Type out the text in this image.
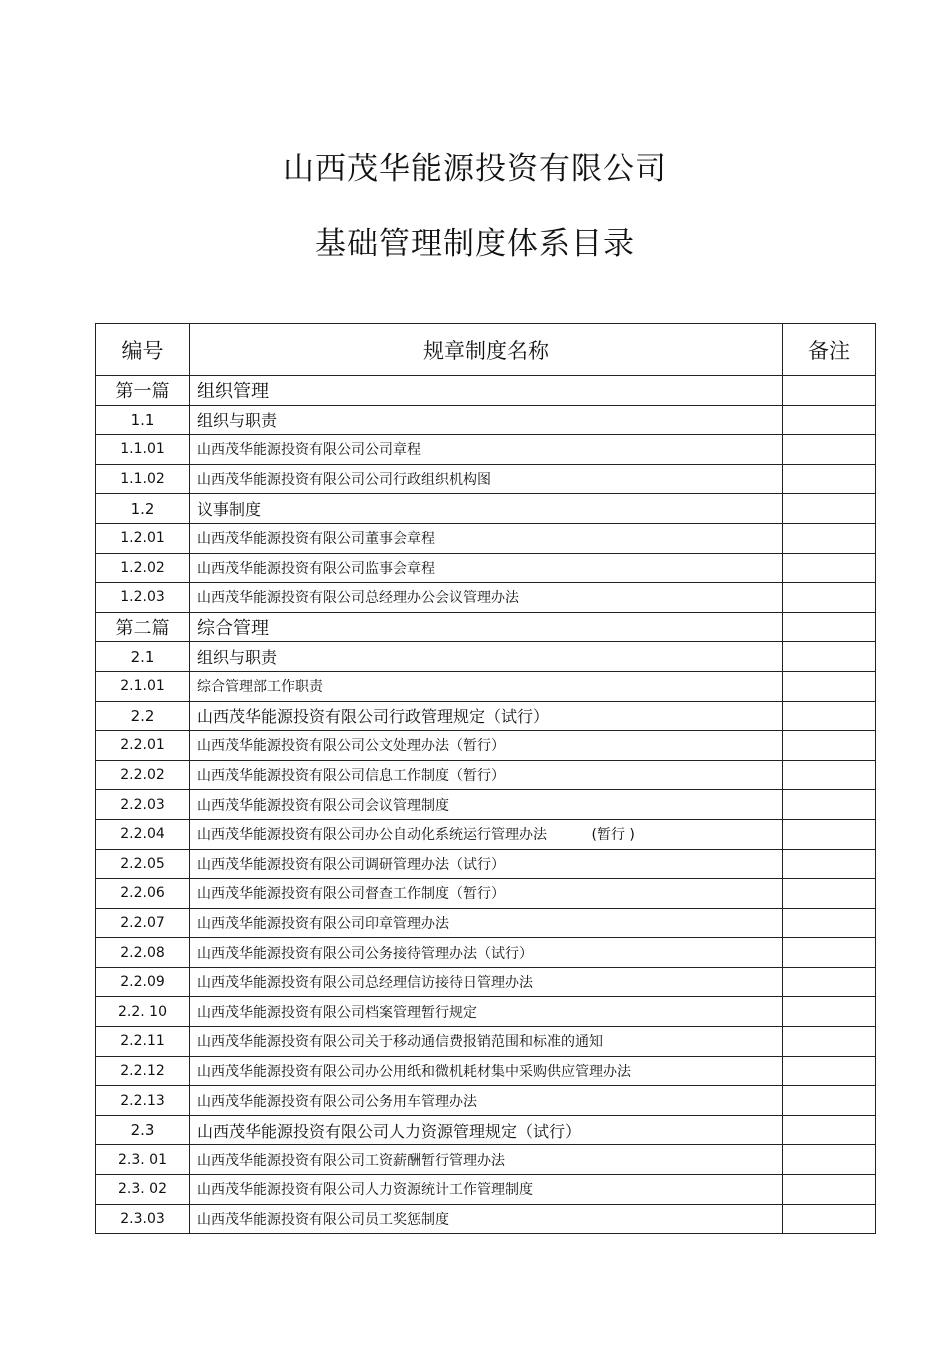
山西茂华能源投资有限公司
基础管理制度体系目录
编号	规章制度名称	备注
第一篇	组织管理	
1.1	组织与职责	
1.1.01	山西茂华能源投资有限公司公司章程	
1.1.02	山西茂华能源投资有限公司公司行政组织机构图	
1.2	议事制度	
1.2.01	山西茂华能源投资有限公司董事会章程	
1.2.02	山西茂华能源投资有限公司监事会章程	
1.2.03	山西茂华能源投资有限公司总经理办公会议管理办法	
第二篇	综合管理	
2.1	组织与职责	
2.1.01	综合管理部工作职责	
2.2	山西茂华能源投资有限公司行政管理规定（试行）	
2.2.01	山西茂华能源投资有限公司公文处理办法（暂行）	
2.2.02	山西茂华能源投资有限公司信息工作制度（暂行）	
2.2.03	山西茂华能源投资有限公司会议管理制度	
2.2.04	山西茂华能源投资有限公司办公自动化系统运行管理办法          (暂行 )	
2.2.05	山西茂华能源投资有限公司调研管理办法（试行）	
2.2.06	山西茂华能源投资有限公司督查工作制度（暂行）	
2.2.07	山西茂华能源投资有限公司印章管理办法	
2.2.08	山西茂华能源投资有限公司公务接待管理办法（试行）	
2.2.09	山西茂华能源投资有限公司总经理信访接待日管理办法	
2.2. 10	山西茂华能源投资有限公司档案管理暂行规定	
2.2.11	山西茂华能源投资有限公司关于移动通信费报销范围和标准的通知	
2.2.12	山西茂华能源投资有限公司办公用纸和微机耗材集中采购供应管理办法	
2.2.13	山西茂华能源投资有限公司公务用车管理办法	
2.3	山西茂华能源投资有限公司人力资源管理规定（试行）	
2.3. 01	山西茂华能源投资有限公司工资薪酬暂行管理办法	
2.3. 02	山西茂华能源投资有限公司人力资源统计工作管理制度	
2.3.03	山西茂华能源投资有限公司员工奖惩制度	
